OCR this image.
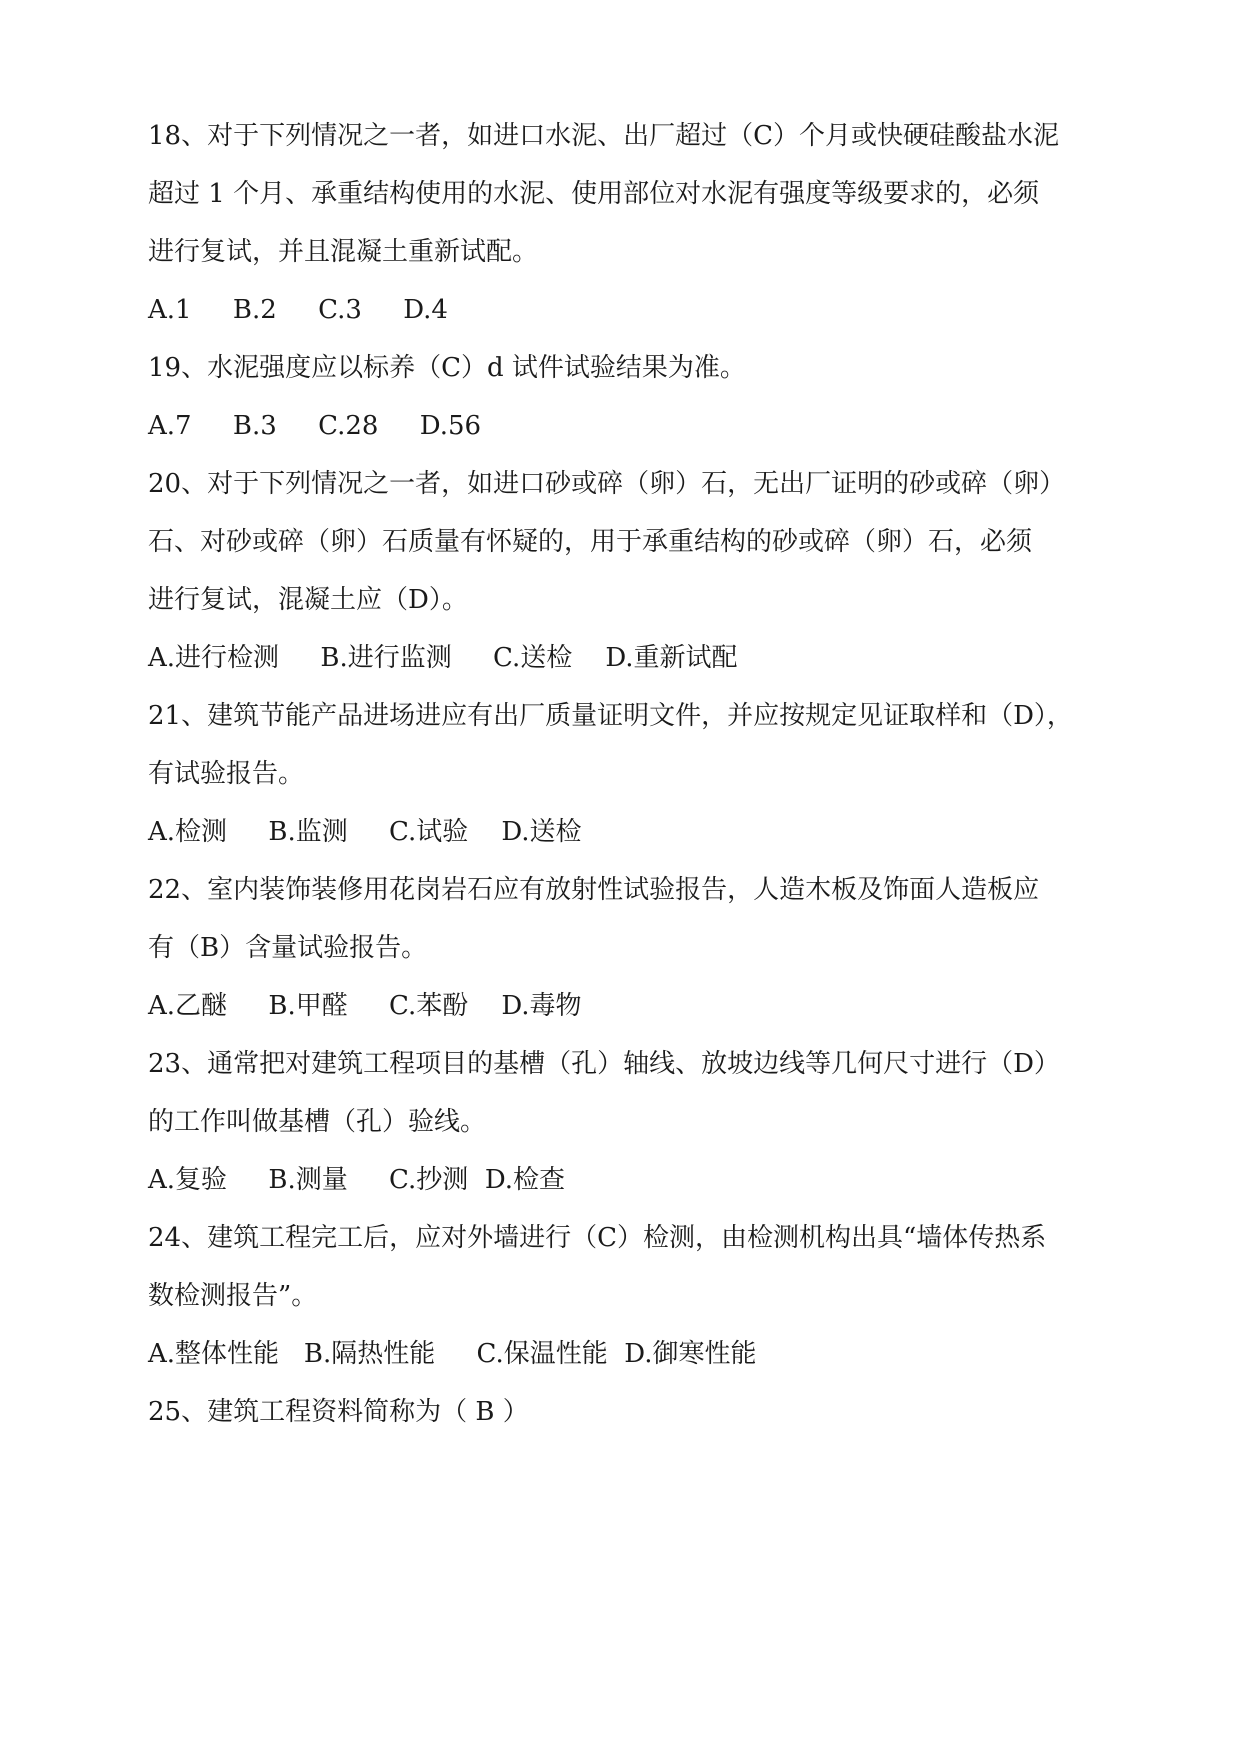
18、对于下列情况之一者，如进口水泥、出厂超过（C）个月或快硬硅酸盐水泥

超过 1 个月、承重结构使用的水泥、使用部位对水泥有强度等级要求的，必须

进行复试，并且混凝土重新试配。

A.1     B.2     C.3     D.4

19、水泥强度应以标养（C）d 试件试验结果为准。

A.7     B.3     C.28     D.56

20、对于下列情况之一者，如进口砂或碎（卵）石，无出厂证明的砂或碎（卵）

石、对砂或碎（卵）石质量有怀疑的，用于承重结构的砂或碎（卵）石，必须

进行复试，混凝土应（D）。

A.进行检测     B.进行监测     C.送检    D.重新试配

21、建筑节能产品进场进应有出厂质量证明文件，并应按规定见证取样和（D），

有试验报告。

A.检测     B.监测     C.试验    D.送检

22、室内装饰装修用花岗岩石应有放射性试验报告，人造木板及饰面人造板应

有（B）含量试验报告。

A.乙醚     B.甲醛     C.苯酚    D.毒物

23、通常把对建筑工程项目的基槽（孔）轴线、放坡边线等几何尺寸进行（D）

的工作叫做基槽（孔）验线。

A.复验     B.测量     C.抄测  D.检查

24、建筑工程完工后，应对外墙进行（C）检测，由检测机构出具“墙体传热系

数检测报告”。

A.整体性能   B.隔热性能     C.保温性能  D.御寒性能

25、建筑工程资料简称为（ B ）
